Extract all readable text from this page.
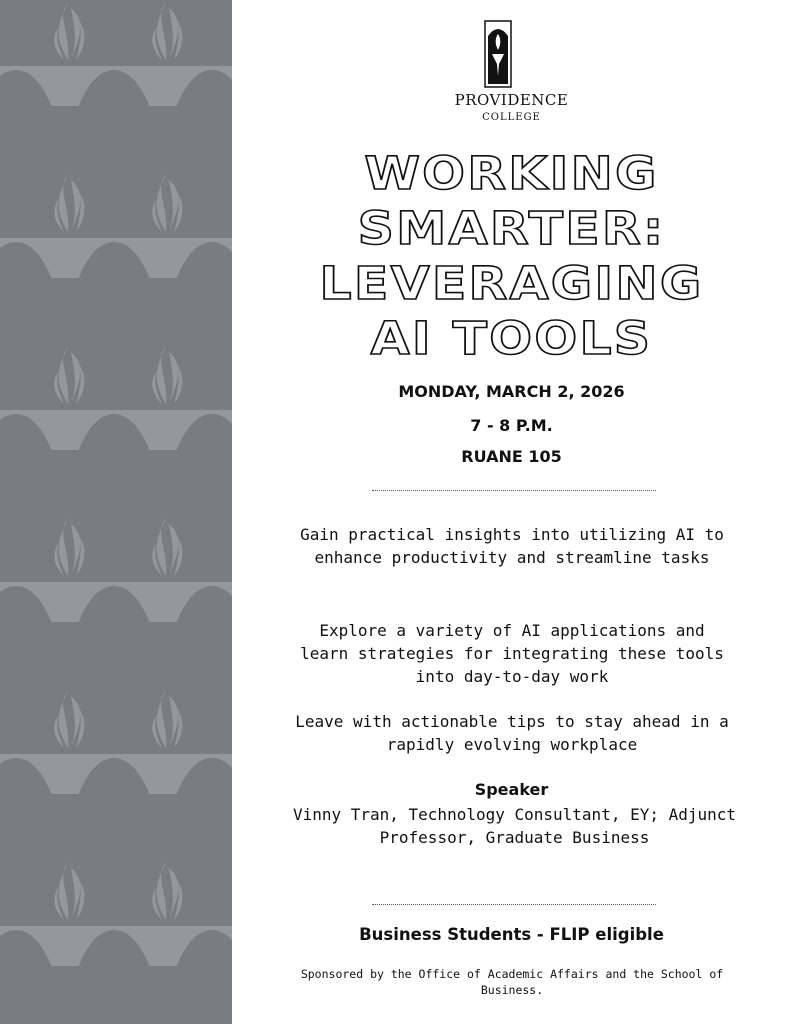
PROVIDENCE
COLLEGE
WORKING
SMARTER:
LEVERAGING
AI TOOLS
MONDAY, MARCH 2, 2026
7 - 8 P.M.
RUANE 105
Gain practical insights into utilizing AI to enhance productivity and streamline tasks
Explore a variety of AI applications and learn strategies for integrating these tools into day-to-day work
Leave with actionable tips to stay ahead in a rapidly evolving workplace
Speaker
Vinny Tran, Technology Consultant, EY; Adjunct Professor, Graduate Business
Business Students - FLIP eligible
Sponsored by the Office of Academic Affairs and the School of Business.
